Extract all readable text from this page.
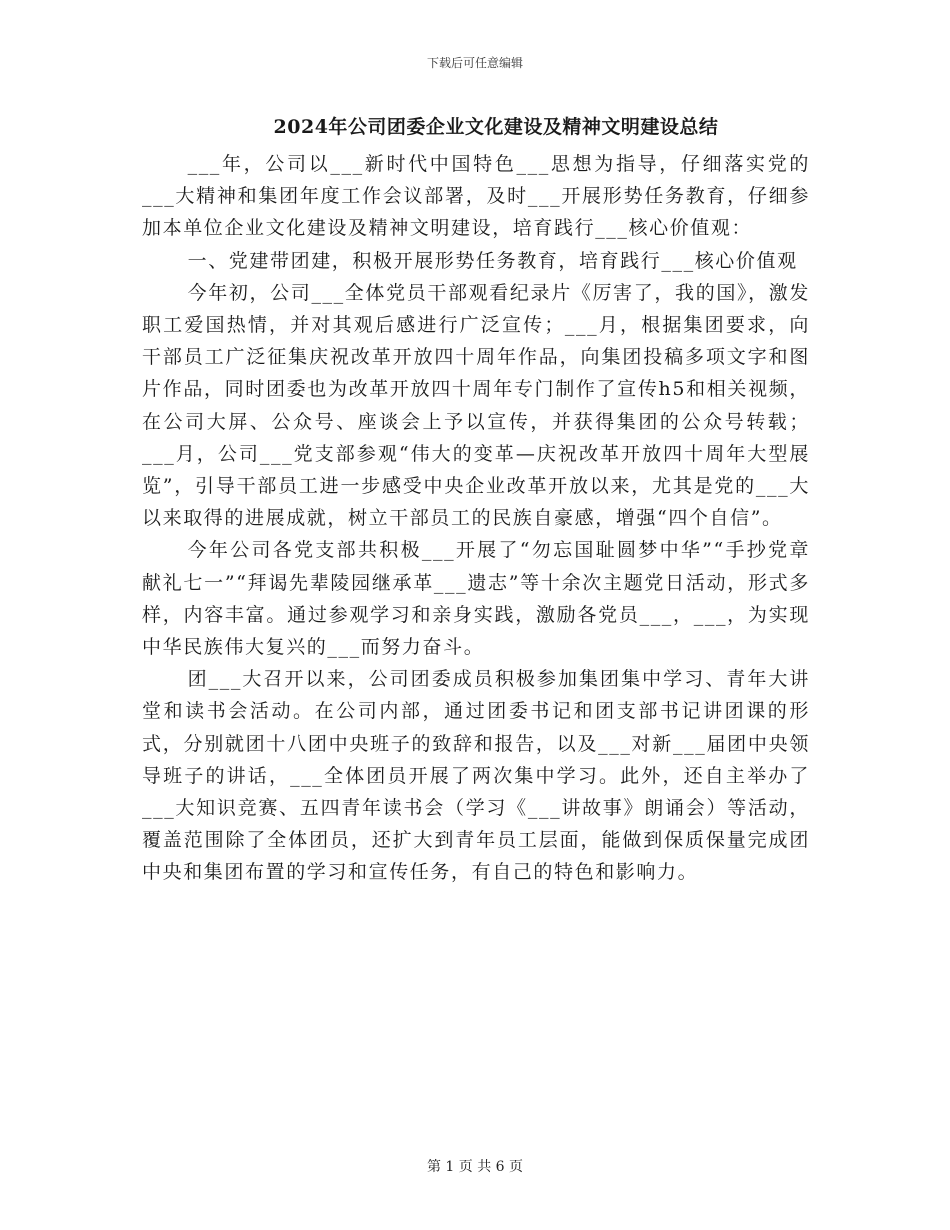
下载后可任意编辑
2024年公司团委企业文化建设及精神文明建设总结

___年，公司以___新时代中国特色___思想为指导，仔细落实党的___大精神和集团年度工作会议部署，及时___开展形势任务教育，仔细参加本单位企业文化建设及精神文明建设，培育践行___核心价值观：

一、党建带团建，积极开展形势任务教育，培育践行___核心价值观

今年初，公司___全体党员干部观看纪录片《厉害了，我的国》，激发职工爱国热情，并对其观后感进行广泛宣传；___月，根据集团要求，向干部员工广泛征集庆祝改革开放四十周年作品，向集团投稿多项文字和图片作品，同时团委也为改革开放四十周年专门制作了宣传h5和相关视频，在公司大屏、公众号、座谈会上予以宣传，并获得集团的公众号转载；___月，公司___党支部参观“伟大的变革—庆祝改革开放四十周年大型展览”，引导干部员工进一步感受中央企业改革开放以来，尤其是党的___大以来取得的进展成就，树立干部员工的民族自豪感，增强“四个自信”。

今年公司各党支部共积极___开展了“勿忘国耻圆梦中华”“手抄党章献礼七一”“拜谒先辈陵园继承革___遗志”等十余次主题党日活动，形式多样，内容丰富。通过参观学习和亲身实践，激励各党员___，___，为实现中华民族伟大复兴的___而努力奋斗。

团___大召开以来，公司团委成员积极参加集团集中学习、青年大讲堂和读书会活动。在公司内部，通过团委书记和团支部书记讲团课的形式，分别就团十八团中央班子的致辞和报告，以及___对新___届团中央领导班子的讲话，___全体团员开展了两次集中学习。此外，还自主举办了___大知识竞赛、五四青年读书会（学习《___讲故事》朗诵会）等活动，覆盖范围除了全体团员，还扩大到青年员工层面，能做到保质保量完成团中央和集团布置的学习和宣传任务，有自己的特色和影响力。

第 1 页 共 6 页
